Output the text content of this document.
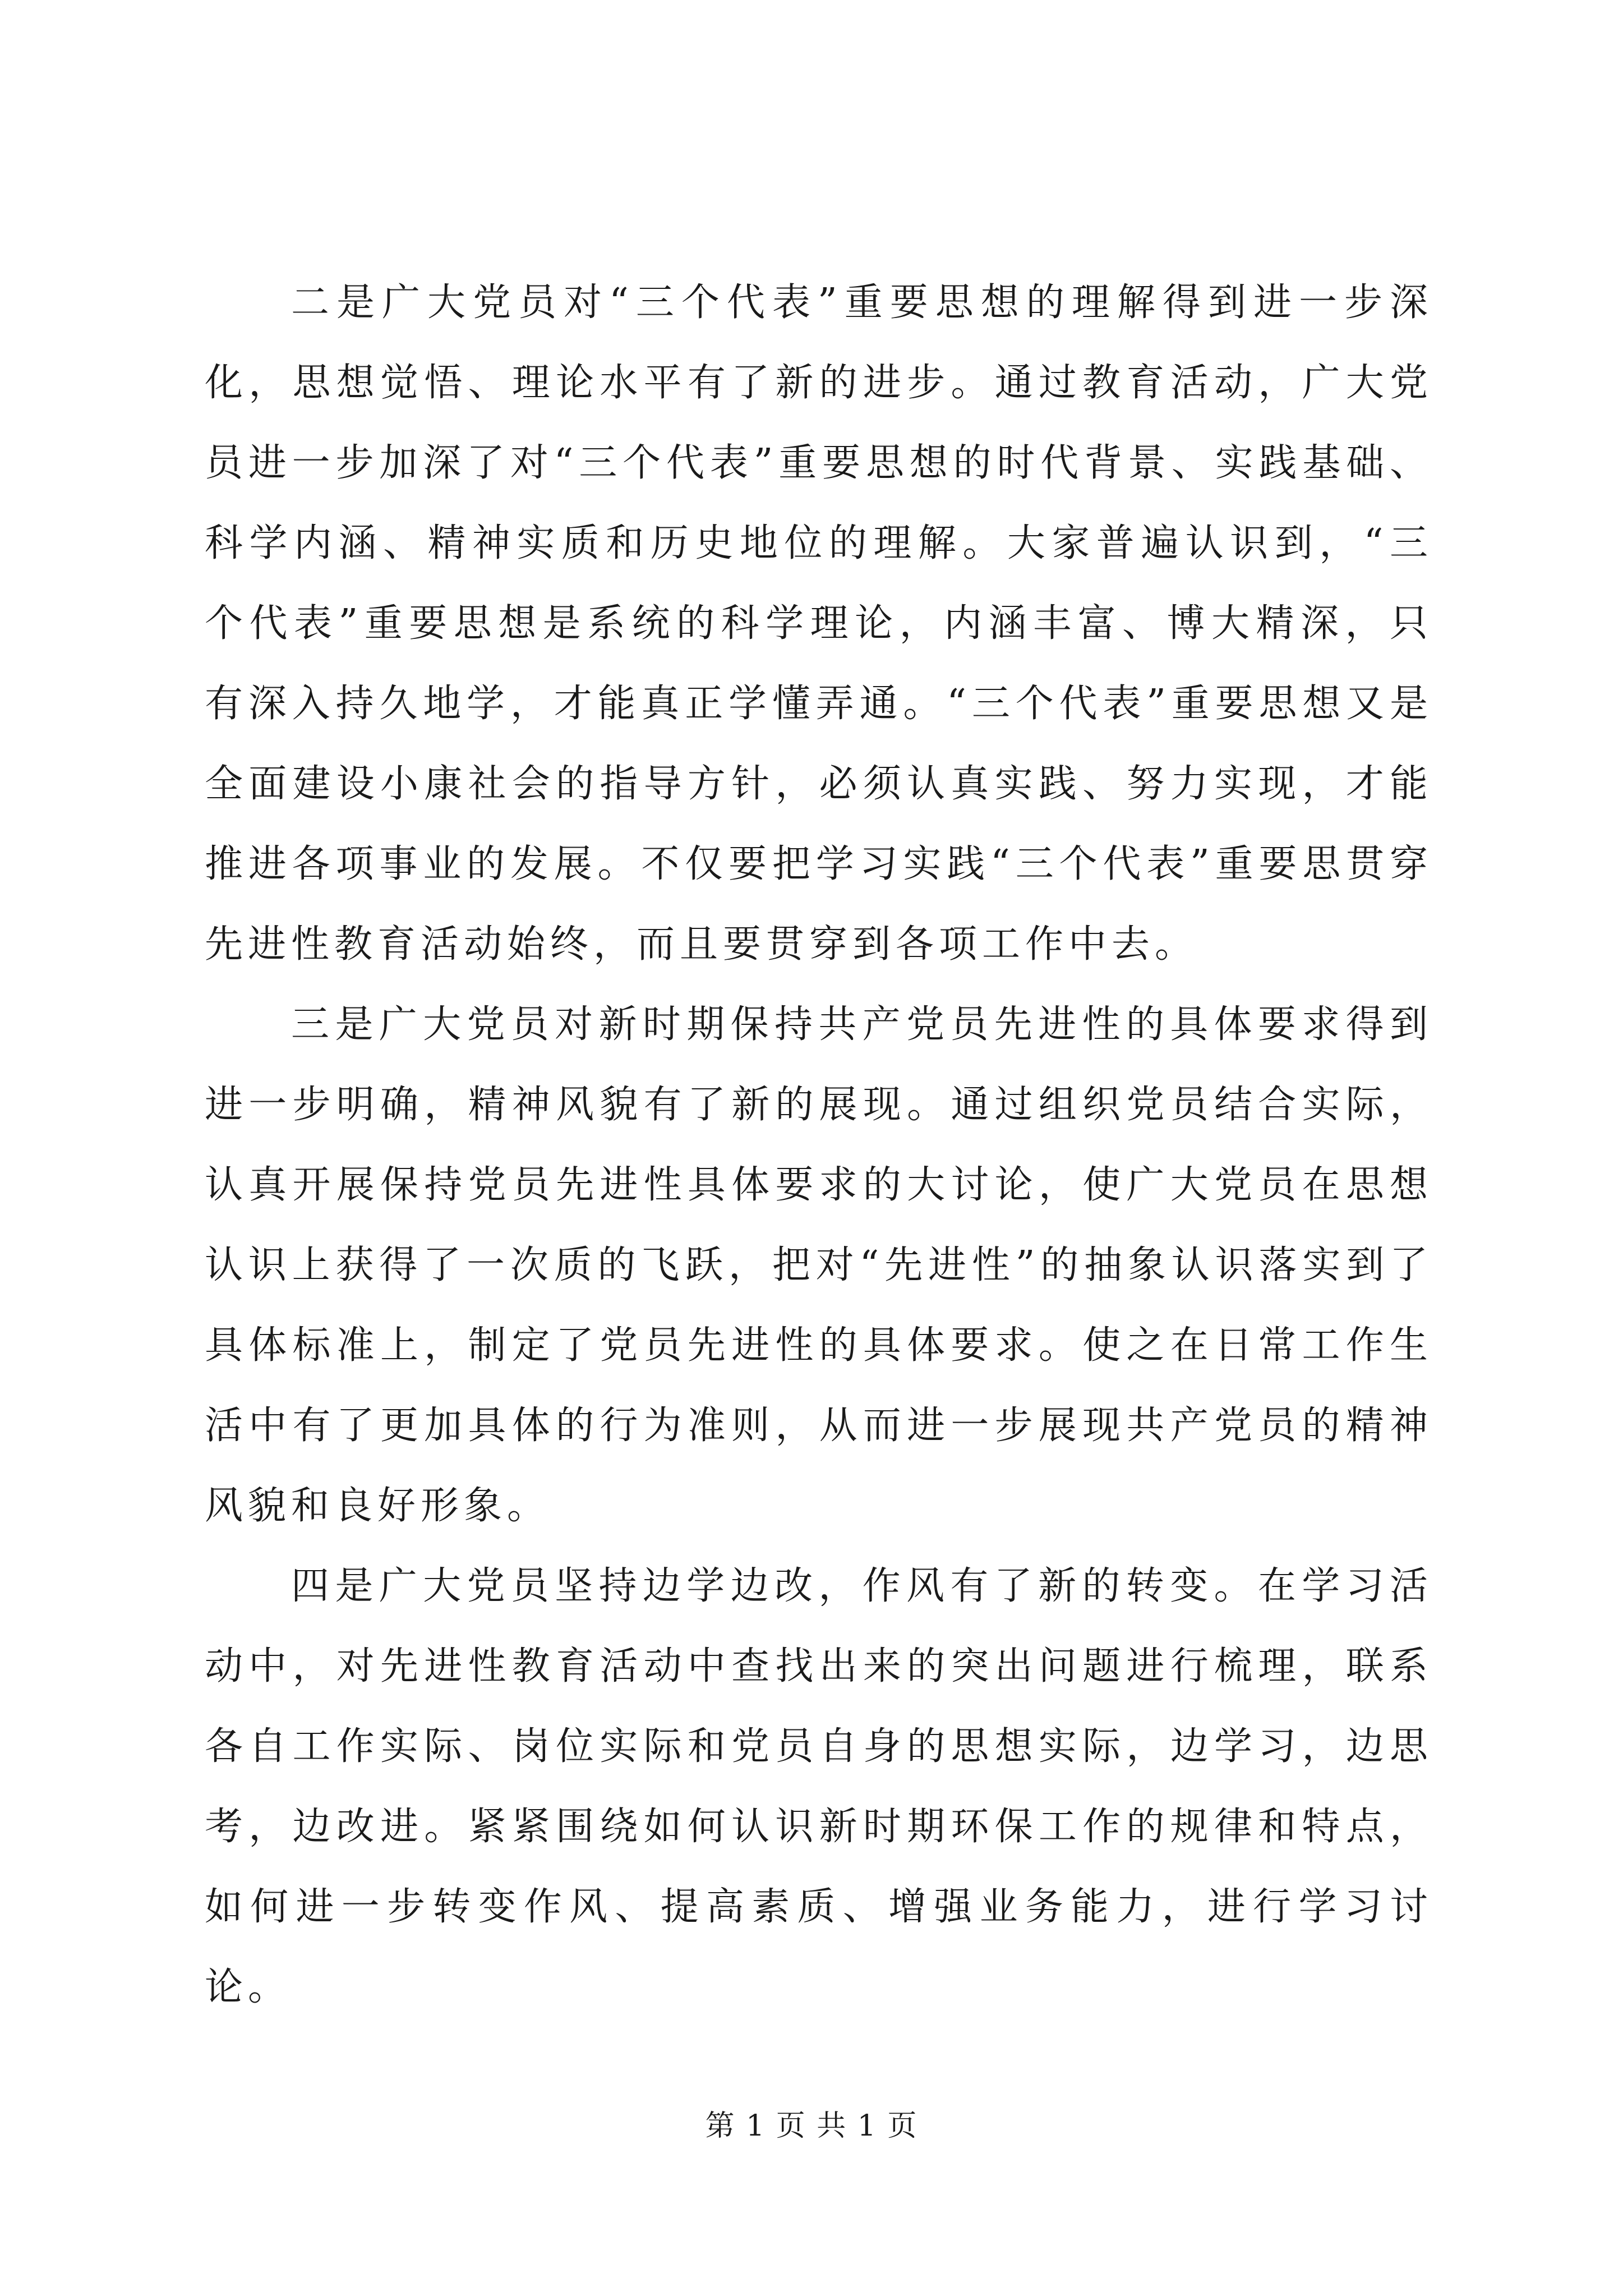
二是广大党员对“三个代表”重要思想的理解得到进一步深化，思想觉悟、理论水平有了新的进步。通过教育活动，广大党员进一步加深了对“三个代表”重要思想的时代背景、实践基础、科学内涵、精神实质和历史地位的理解。大家普遍认识到，“三个代表”重要思想是系统的科学理论，内涵丰富、博大精深，只有深入持久地学，才能真正学懂弄通。“三个代表”重要思想又是全面建设小康社会的指导方针，必须认真实践、努力实现，才能推进各项事业的发展。不仅要把学习实践“三个代表”重要思贯穿先进性教育活动始终，而且要贯穿到各项工作中去。

三是广大党员对新时期保持共产党员先进性的具体要求得到进一步明确，精神风貌有了新的展现。通过组织党员结合实际，认真开展保持党员先进性具体要求的大讨论，使广大党员在思想认识上获得了一次质的飞跃，把对“先进性”的抽象认识落实到了具体标准上，制定了党员先进性的具体要求。使之在日常工作生活中有了更加具体的行为准则，从而进一步展现共产党员的精神风貌和良好形象。

四是广大党员坚持边学边改，作风有了新的转变。在学习活动中，对先进性教育活动中查找出来的突出问题进行梳理，联系各自工作实际、岗位实际和党员自身的思想实际，边学习，边思考，边改进。紧紧围绕如何认识新时期环保工作的规律和特点，如何进一步转变作风、提高素质、增强业务能力，进行学习讨论。

第 1 页 共 1 页
